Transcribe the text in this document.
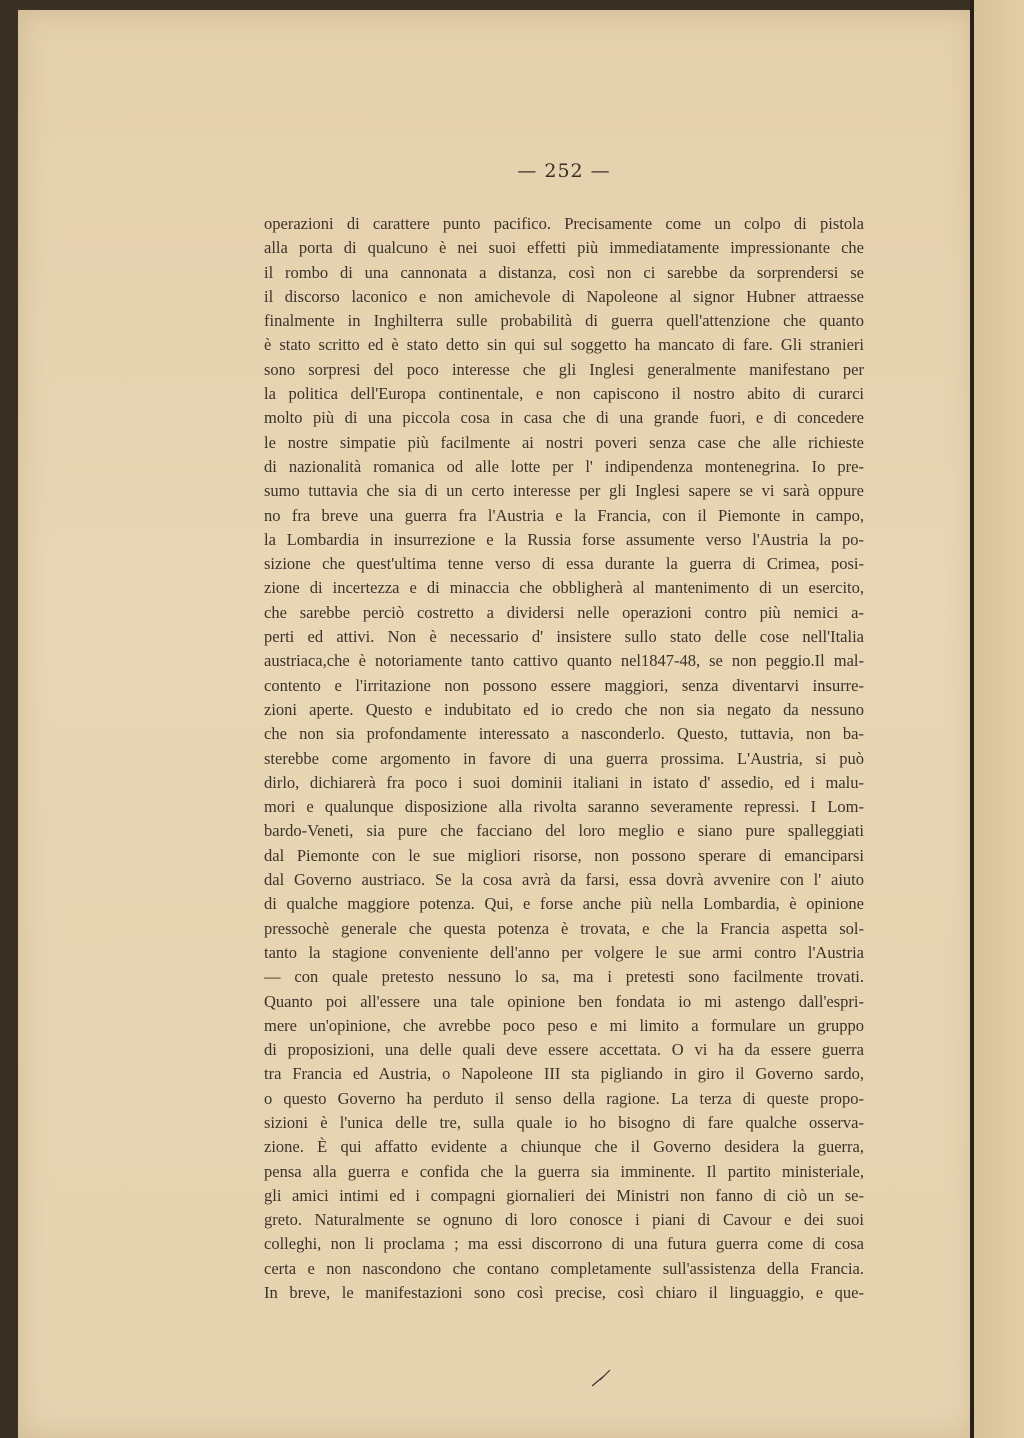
— 252 —
operazioni di carattere punto pacifico. Precisamente come un colpo di pistola
alla porta di qualcuno è nei suoi effetti più immediatamente impressionante che
il rombo di una cannonata a distanza, così non ci sarebbe da sorprendersi se
il discorso laconico e non amichevole di Napoleone al signor Hubner attraesse
finalmente in Inghilterra sulle probabilità di guerra quell'attenzione che quanto
è stato scritto ed è stato detto sin qui sul soggetto ha mancato di fare. Gli stranieri
sono sorpresi del poco interesse che gli Inglesi generalmente manifestano per
la politica dell'Europa continentale, e non capiscono il nostro abito di curarci
molto più di una piccola cosa in casa che di una grande fuori, e di concedere
le nostre simpatie più facilmente ai nostri poveri senza case che alle richieste
di nazionalità romanica od alle lotte per l' indipendenza montenegrina. Io pre-
sumo tuttavia che sia di un certo interesse per gli Inglesi sapere se vi sarà oppure
no fra breve una guerra fra l'Austria e la Francia, con il Piemonte in campo,
la Lombardia in insurrezione e la Russia forse assumente verso l'Austria la po-
sizione che quest'ultima tenne verso di essa durante la guerra di Crimea, posi-
zione di incertezza e di minaccia che obbligherà al mantenimento di un esercito,
che sarebbe perciò costretto a dividersi nelle operazioni contro più nemici a-
perti ed attivi. Non è necessario d' insistere sullo stato delle cose nell'Italia
austriaca,che è notoriamente tanto cattivo quanto nel1847-48, se non peggio.Il mal-
contento e l'irritazione non possono essere maggiori, senza diventarvi insurre-
zioni aperte. Questo e indubitato ed io credo che non sia negato da nessuno
che non sia profondamente interessato a nasconderlo. Questo, tuttavia, non ba-
sterebbe come argomento in favore di una guerra prossima. L'Austria, si può
dirlo, dichiarerà fra poco i suoi dominii italiani in istato d' assedio, ed i malu-
mori e qualunque disposizione alla rivolta saranno severamente repressi. I Lom-
bardo-Veneti, sia pure che facciano del loro meglio e siano pure spalleggiati
dal Piemonte con le sue migliori risorse, non possono sperare di emanciparsi
dal Governo austriaco. Se la cosa avrà da farsi, essa dovrà avvenire con l' aiuto
di qualche maggiore potenza. Qui, e forse anche più nella Lombardia, è opinione
pressochè generale che questa potenza è trovata, e che la Francia aspetta sol-
tanto la stagione conveniente dell'anno per volgere le sue armi contro l'Austria
— con quale pretesto nessuno lo sa, ma i pretesti sono facilmente trovati.
Quanto poi all'essere una tale opinione ben fondata io mi astengo dall'espri-
mere un'opinione, che avrebbe poco peso e mi limito a formulare un gruppo
di proposizioni, una delle quali deve essere accettata. O vi ha da essere guerra
tra Francia ed Austria, o Napoleone III sta pigliando in giro il Governo sardo,
o questo Governo ha perduto il senso della ragione. La terza di queste propo-
sizioni è l'unica delle tre, sulla quale io ho bisogno di fare qualche osserva-
zione. È qui affatto evidente a chiunque che il Governo desidera la guerra,
pensa alla guerra e confida che la guerra sia imminente. Il partito ministeriale,
gli amici intimi ed i compagni giornalieri dei Ministri non fanno di ciò un se-
greto. Naturalmente se ognuno di loro conosce i piani di Cavour e dei suoi
colleghi, non li proclama ; ma essi discorrono di una futura guerra come di cosa
certa e non nascondono che contano completamente sull'assistenza della Francia.
In breve, le manifestazioni sono così precise, così chiaro il linguaggio, e que-
